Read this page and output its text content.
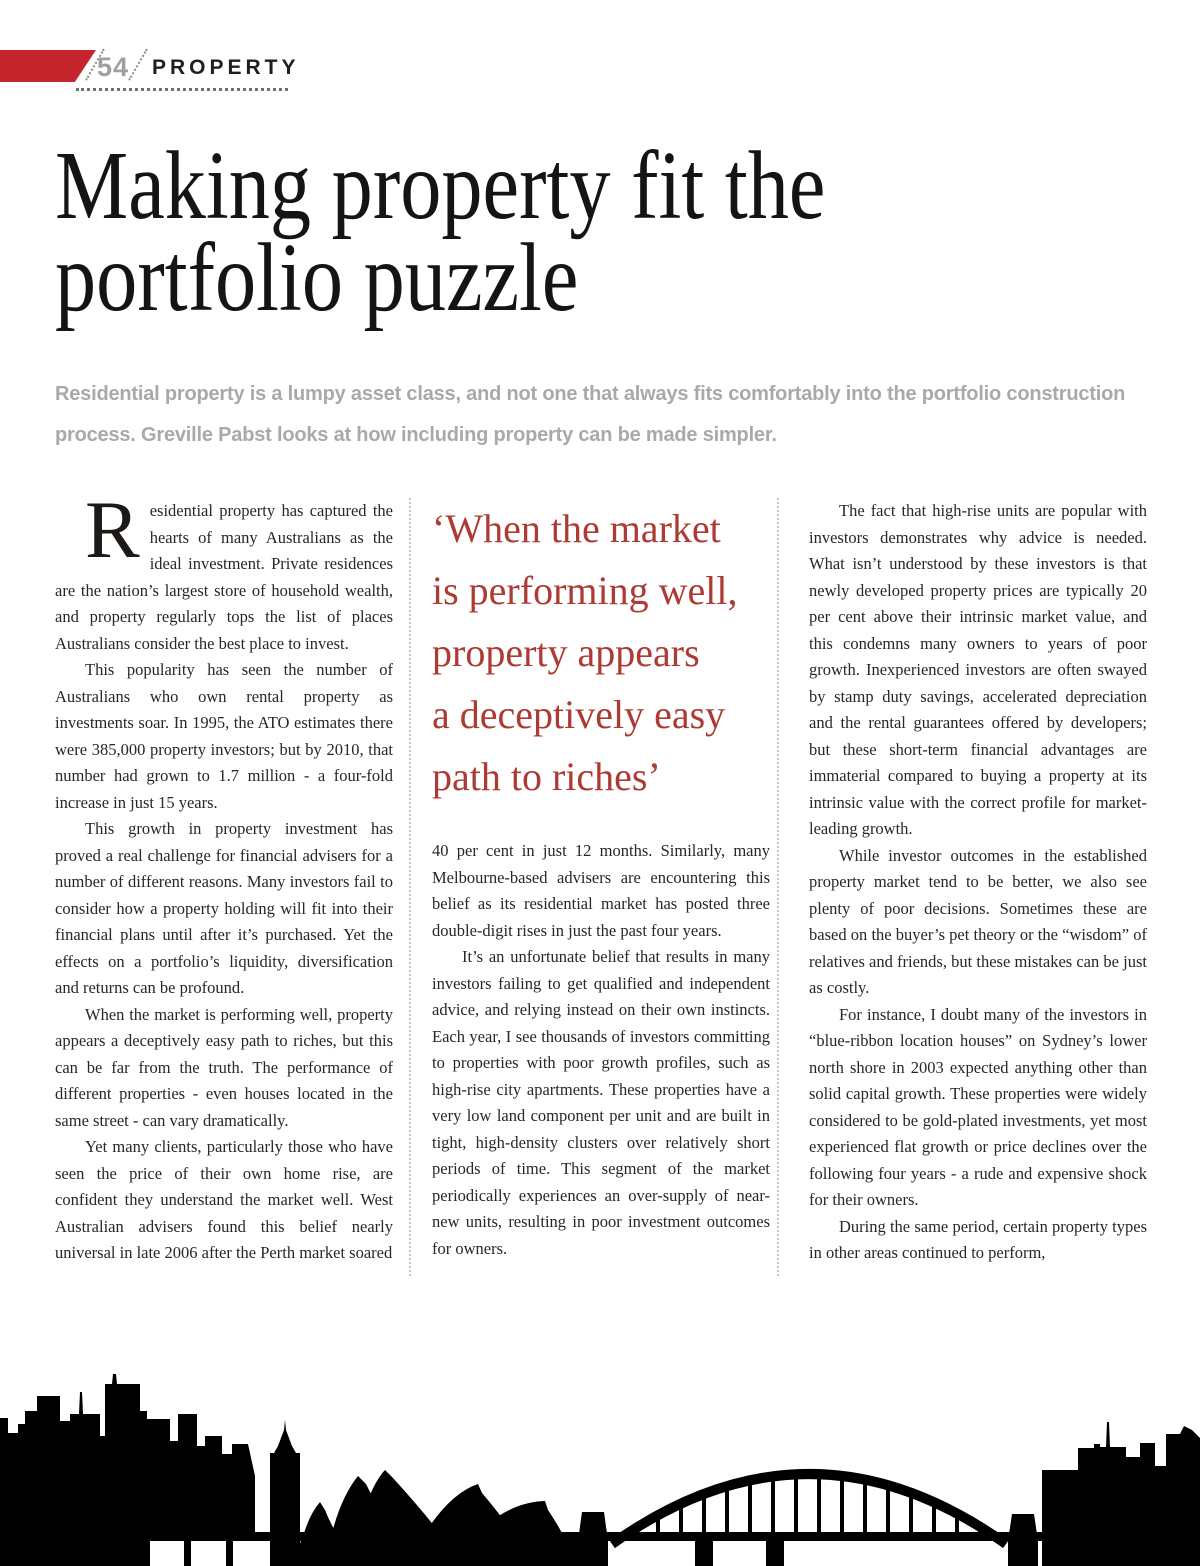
54 PROPERTY
Making property fit the
portfolio puzzle
Residential property is a lumpy asset class, and not one that always fits comfortably into the portfolio construction process. Greville Pabst looks at how including property can be made simpler.

Residential property has captured the hearts of many Australians as the ideal investment. Private residences are the nation’s largest store of household wealth, and property regularly tops the list of places Australians consider the best place to invest.

This popularity has seen the number of Australians who own rental property as investments soar. In 1995, the ATO estimates there were 385,000 property investors; but by 2010, that number had grown to 1.7 million - a four-fold increase in just 15 years.

This growth in property investment has proved a real challenge for financial advisers for a number of different reasons. Many investors fail to consider how a property holding will fit into their financial plans until after it’s purchased. Yet the effects on a portfolio’s liquidity, diversification and returns can be profound.

When the market is performing well, property appears a deceptively easy path to riches, but this can be far from the truth. The performance of different properties - even houses located in the same street - can vary dramatically.

Yet many clients, particularly those who have seen the price of their own home rise, are confident they understand the market well. West Australian advisers found this belief nearly universal in late 2006 after the Perth market soared

‘When the market
is performing well,
property appears
a deceptively easy
path to riches’

40 per cent in just 12 months. Similarly, many Melbourne-based advisers are encountering this belief as its residential market has posted three double-digit rises in just the past four years.

It’s an unfortunate belief that results in many investors failing to get qualified and independent advice, and relying instead on their own instincts. Each year, I see thousands of investors committing to properties with poor growth profiles, such as high-rise city apartments. These properties have a very low land component per unit and are built in tight, high-density clusters over relatively short periods of time. This segment of the market periodically experiences an over-supply of near-new units, resulting in poor investment outcomes for owners.

The fact that high-rise units are popular with investors demonstrates why advice is needed. What isn’t understood by these investors is that newly developed property prices are typically 20 per cent above their intrinsic market value, and this condemns many owners to years of poor growth. Inexperienced investors are often swayed by stamp duty savings, accelerated depreciation and the rental guarantees offered by developers; but these short-term financial advantages are immaterial compared to buying a property at its intrinsic value with the correct profile for market-leading growth.

While investor outcomes in the established property market tend to be better, we also see plenty of poor decisions. Sometimes these are based on the buyer’s pet theory or the “wisdom” of relatives and friends, but these mistakes can be just as costly.

For instance, I doubt many of the investors in “blue-ribbon location houses” on Sydney’s lower north shore in 2003 expected anything other than solid capital growth. These properties were widely considered to be gold-plated investments, yet most experienced flat growth or price declines over the following four years - a rude and expensive shock for their owners.

During the same period, certain property types in other areas continued to perform,
